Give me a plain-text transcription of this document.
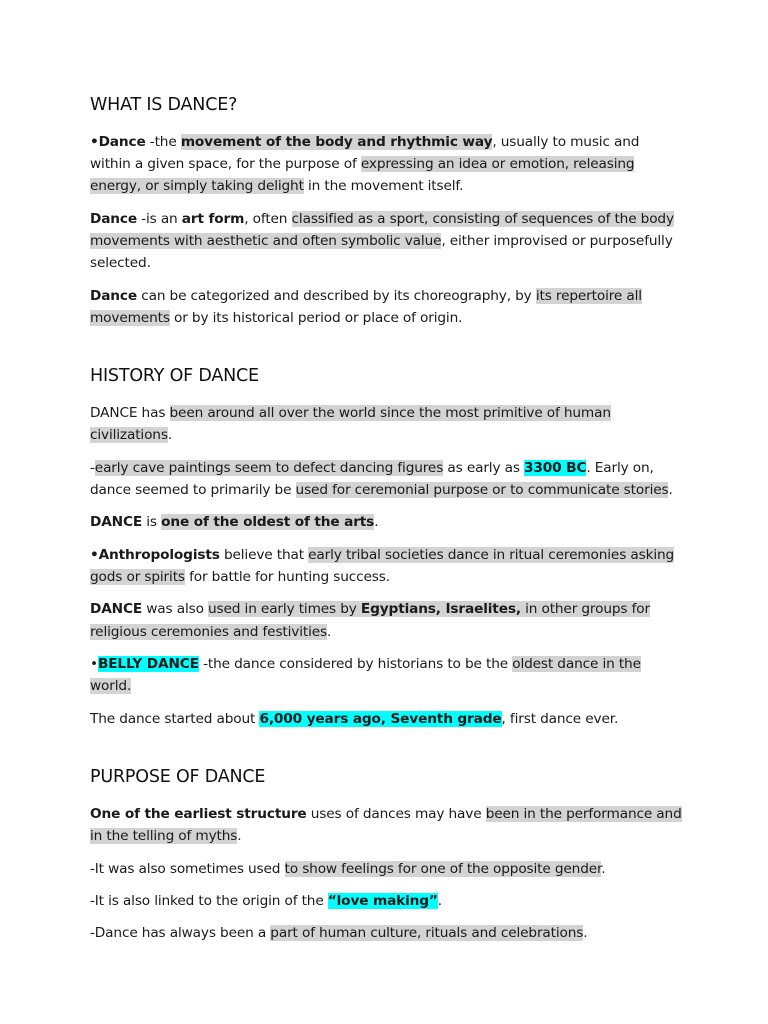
WHAT IS DANCE?

•Dance -the movement of the body and rhythmic way, usually to music and within a given space, for the purpose of expressing an idea or emotion, releasing energy, or simply taking delight in the movement itself.

Dance -is an art form, often classified as a sport, consisting of sequences of the body movements with aesthetic and often symbolic value, either improvised or purposefully selected.

Dance can be categorized and described by its choreography, by its repertoire all movements or by its historical period or place of origin.

HISTORY OF DANCE

DANCE has been around all over the world since the most primitive of human civilizations.

-early cave paintings seem to defect dancing figures as early as 3300 BC. Early on, dance seemed to primarily be used for ceremonial purpose or to communicate stories.

DANCE is one of the oldest of the arts.

•Anthropologists believe that early tribal societies dance in ritual ceremonies asking gods or spirits for battle for hunting success.

DANCE was also used in early times by Egyptians, Israelites, in other groups for religious ceremonies and festivities.

•BELLY DANCE -the dance considered by historians to be the oldest dance in the world.

The dance started about 6,000 years ago, Seventh grade, first dance ever.

PURPOSE OF DANCE

One of the earliest structure uses of dances may have been in the performance and in the telling of myths.

-It was also sometimes used to show feelings for one of the opposite gender.

-It is also linked to the origin of the “love making”.

-Dance has always been a part of human culture, rituals and celebrations.
